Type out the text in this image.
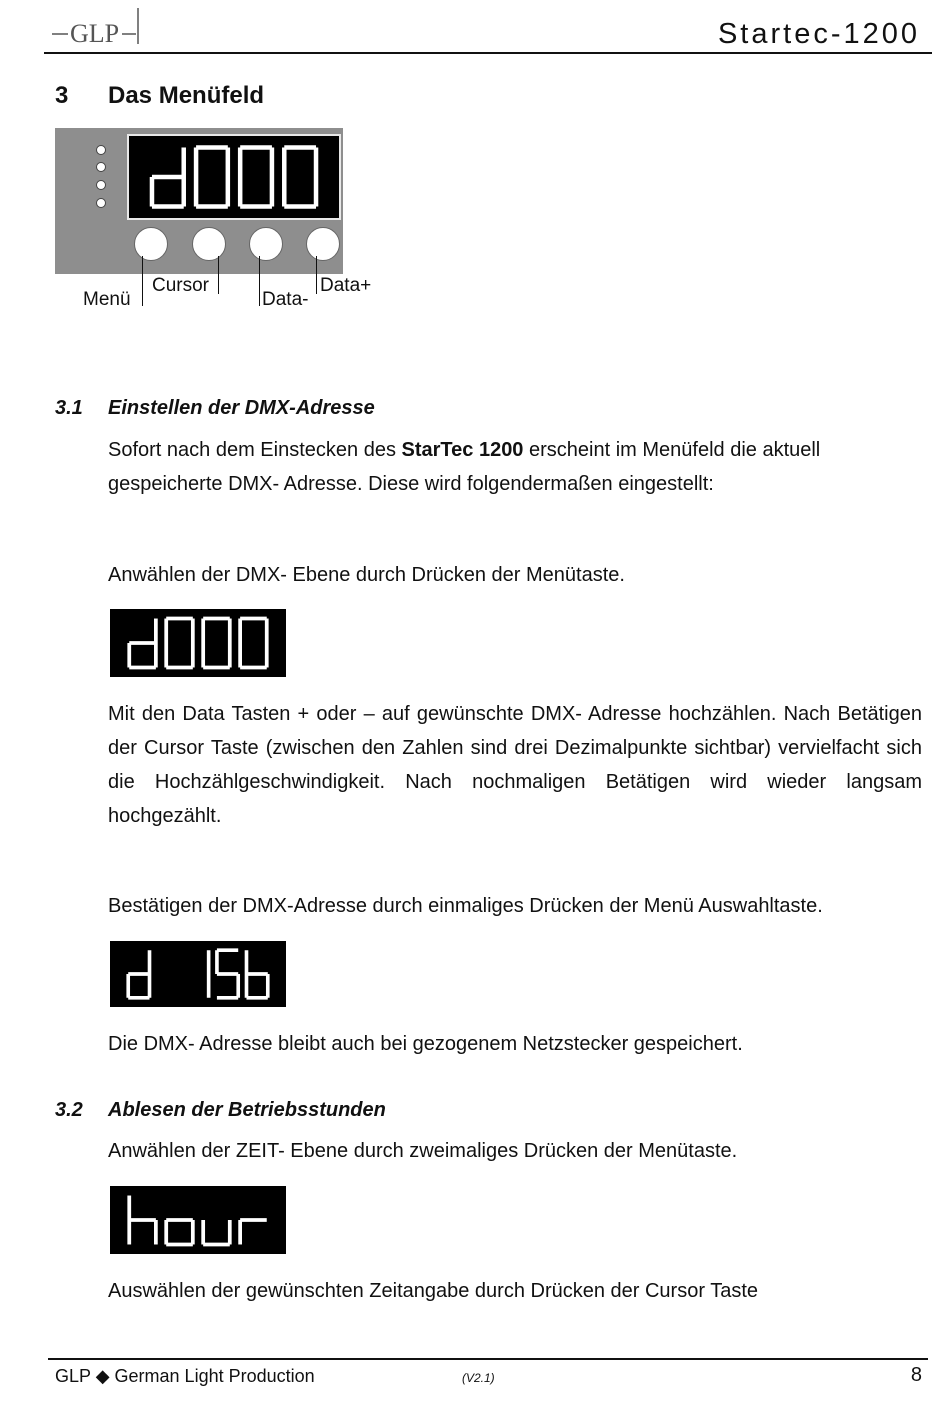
GLP	Startec-1200
3 Das Menüfeld
Menü
Cursor
Data-
Data+
3.1 Einstellen der DMX-Adresse
Sofort nach dem Einstecken des StarTec 1200 erscheint im Menüfeld die aktuell gespeicherte DMX- Adresse. Diese wird folgendermaßen eingestellt:
Anwählen der DMX- Ebene durch Drücken der Menütaste.
Mit den Data Tasten + oder – auf gewünschte DMX- Adresse hochzählen. Nach Betätigen der Cursor Taste (zwischen den Zahlen sind drei Dezimalpunkte sichtbar) vervielfacht sich die Hochzählgeschwindigkeit. Nach nochmaligen Betätigen wird wieder langsam hochgezählt.
Bestätigen der DMX-Adresse durch einmaliges Drücken der Menü Auswahltaste.
Die DMX- Adresse bleibt auch bei gezogenem Netzstecker gespeichert.
3.2 Ablesen der Betriebsstunden
Anwählen der ZEIT- Ebene durch zweimaliges Drücken der Menütaste.
Auswählen der gewünschten Zeitangabe durch Drücken der Cursor Taste
GLP ◆ German Light Production	(V2.1)	8
